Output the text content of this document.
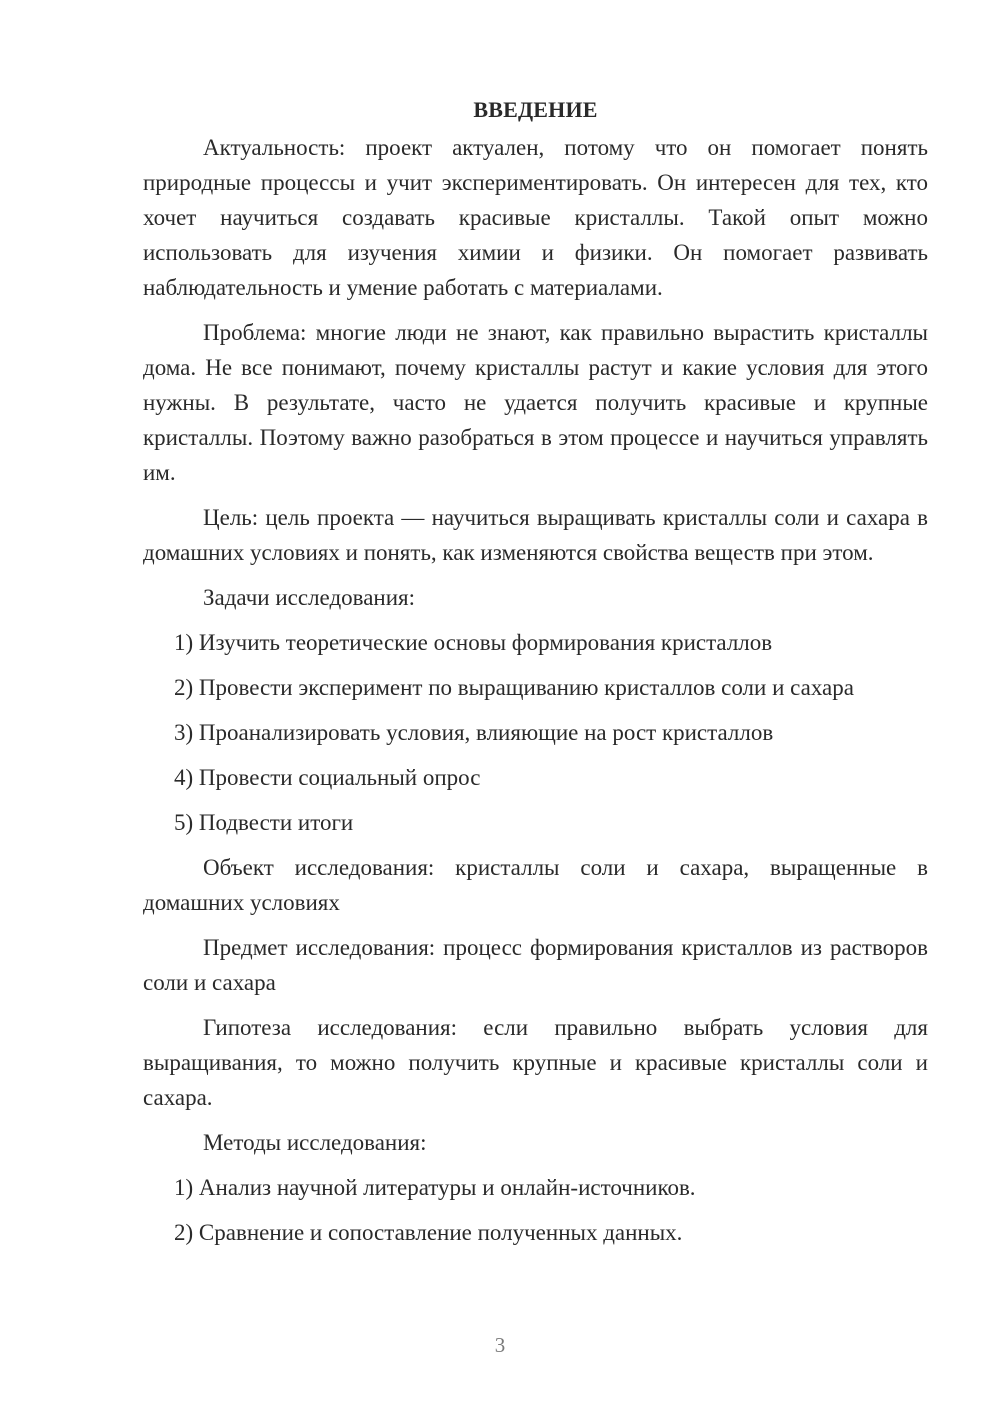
ВВЕДЕНИЕ

Актуальность: проект актуален, потому что он помогает понять природные процессы и учит экспериментировать. Он интересен для тех, кто хочет научиться создавать красивые кристаллы. Такой опыт можно использовать для изучения химии и физики. Он помогает развивать наблюдательность и умение работать с материалами.

Проблема: многие люди не знают, как правильно вырастить кристаллы дома. Не все понимают, почему кристаллы растут и какие условия для этого нужны. В результате, часто не удается получить красивые и крупные кристаллы. Поэтому важно разобраться в этом процессе и научиться управлять им.

Цель: цель проекта — научиться выращивать кристаллы соли и сахара в домашних условиях и понять, как изменяются свойства веществ при этом.

Задачи исследования:

1) Изучить теоретические основы формирования кристаллов

2) Провести эксперимент по выращиванию кристаллов соли и сахара

3) Проанализировать условия, влияющие на рост кристаллов

4) Провести социальный опрос

5) Подвести итоги

Объект исследования: кристаллы соли и сахара, выращенные в домашних условиях

Предмет исследования: процесс формирования кристаллов из растворов соли и сахара

Гипотеза исследования: если правильно выбрать условия для выращивания, то можно получить крупные и красивые кристаллы соли и сахара.

Методы исследования:

1) Анализ научной литературы и онлайн-источников.

2) Сравнение и сопоставление полученных данных.

3
